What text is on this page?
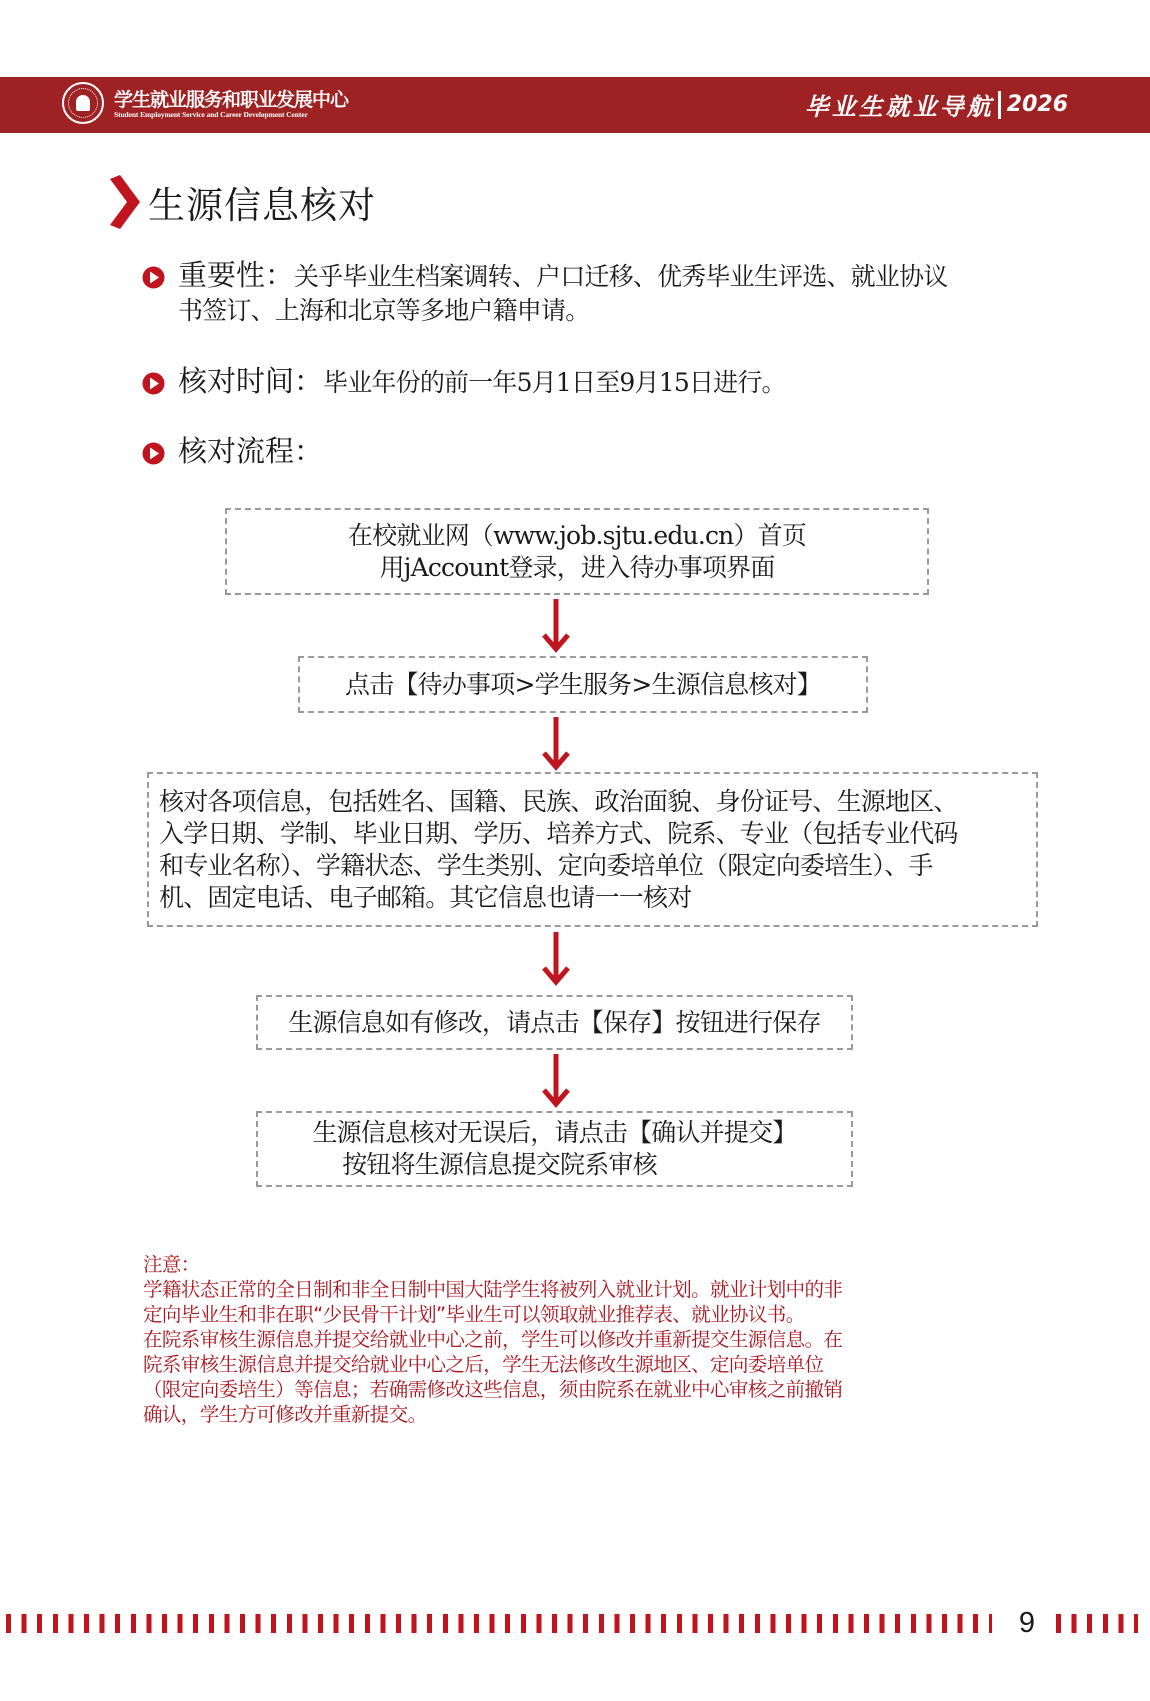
学生就业服务和职业发展中心
Student Employment Service and Career Development Center	毕业生就业导航 2026
生源信息核对
重要性：关乎毕业生档案调转、户口迁移、优秀毕业生评选、就业协议
书签订、上海和北京等多地户籍申请。
核对时间：毕业年份的前一年5月1日至9月15日进行。
核对流程：
在校就业网（www.job.sjtu.edu.cn）首页
用jAccount登录，进入待办事项界面
点击【待办事项>学生服务>生源信息核对】
核对各项信息，包括姓名、国籍、民族、政治面貌、身份证号、生源地区、
入学日期、学制、毕业日期、学历、培养方式、院系、专业（包括专业代码
和专业名称）、学籍状态、学生类别、定向委培单位（限定向委培生）、手
机、固定电话、电子邮箱。其它信息也请一一核对
生源信息如有修改，请点击【保存】按钮进行保存
生源信息核对无误后，请点击【确认并提交】
按钮将生源信息提交院系审核

注意：

学籍状态正常的全日制和非全日制中国大陆学生将被列入就业计划。就业计划中的非

定向毕业生和非在职“少民骨干计划”毕业生可以领取就业推荐表、就业协议书。

在院系审核生源信息并提交给就业中心之前，学生可以修改并重新提交生源信息。在

院系审核生源信息并提交给就业中心之后，学生无法修改生源地区、定向委培单位

（限定向委培生）等信息；若确需修改这些信息，须由院系在就业中心审核之前撤销

确认，学生方可修改并重新提交。

9
